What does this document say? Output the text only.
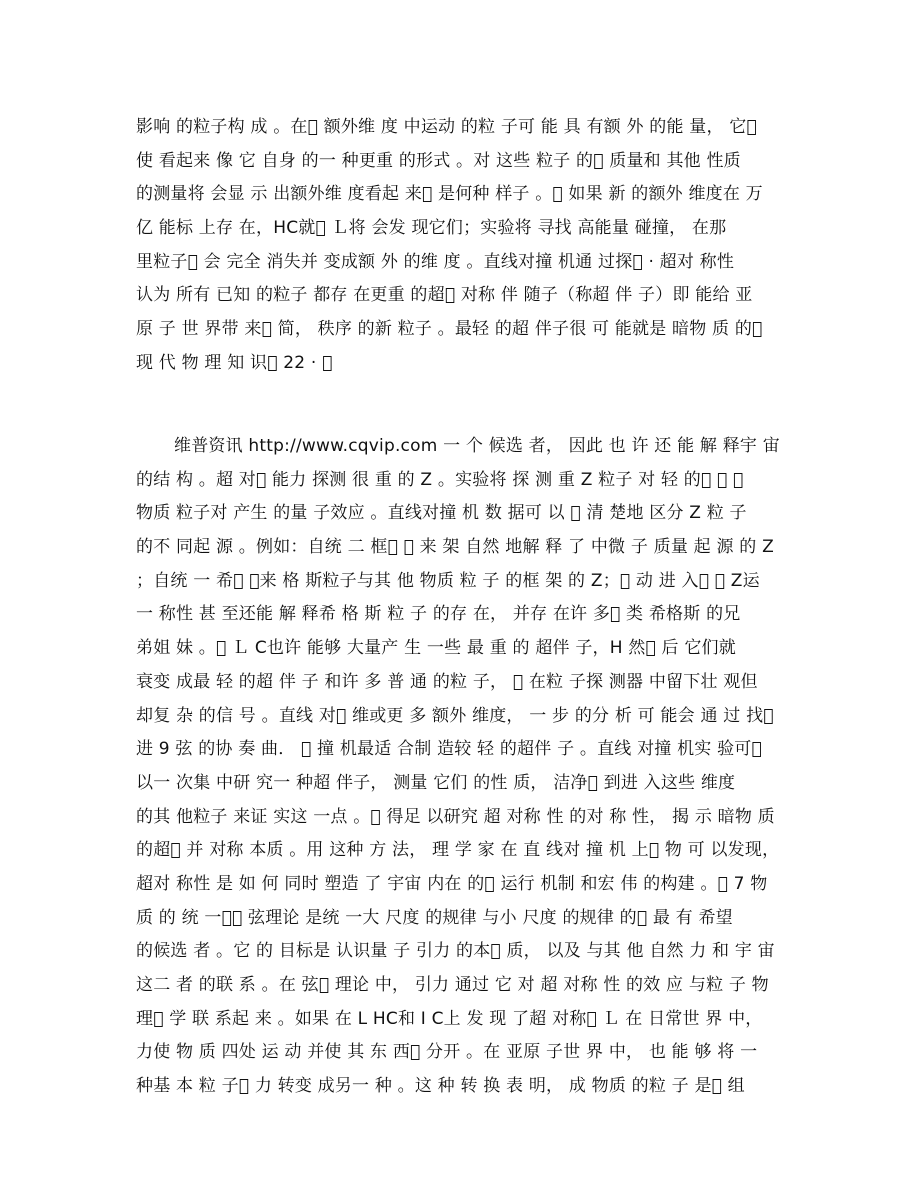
影响 的粒子构 成 。在￾ 额外维 度 中运动 的粒 子可 能 具 有额 外 的能 量， 它￾
使 看起来 像 它 自身 的一 种更重 的形式 。对 这些 粒子 的￾ 质量和 其他 性质
的测量将 会显 示 出额外维 度看起 来￾ 是何种 样子 。￾ 如果 新 的额外 维度在 万
亿 能标 上存 在，HC就￾ Ｌ将 会发 现它们；实验将 寻找 高能量 碰撞， 在那
里粒子￾ 会 完全 消失并 变成额 外 的维 度 。直线对撞 机通 过探￾ · 超对 称性
认为 所有 已知 的粒子 都存 在更重 的超￾ 对称 伴 随子（称超 伴 子）即 能给 亚
原 子 世 界带 来￾ 简， 秩序 的新 粒子 。最轻 的超 伴子很 可 能就是 暗物 质 的￾
现 代 物 理 知 识￾ 22 · ￾
维普资讯 http://www.cqvip.com 一 个 候选 者， 因此 也 许 还 能 解 释宇 宙
的结 构 。超 对￾ 能力 探测 很 重 的 Z 。实验将 探 测 重 Z 粒子 对 轻 的￾ ￾ ￾
物质 粒子对 产生 的量 子效应 。直线对撞 机 数 据可 以 ￾ 清 楚地 区分 Z 粒 子
的不 同起 源 。例如：自统 二 框￾ ￾ 来 架 自然 地解 释 了 中微 子 质量 起 源 的 Z
；自统 一 希￾ ￾来 格 斯粒子与其 他 物质 粒 子 的框 架 的 Z；￾ 动 进 入￾ ￾ Z运
一 称性 甚 至还能 解 释希 格 斯 粒 子 的存 在， 并存 在许 多￾ 类 希格斯 的兄
弟姐 妹 。￾ Ｌ C也许 能够 大量产 生 一些 最 重 的 超伴 子，H 然￾ 后 它们就
衰变 成最 轻 的超 伴 子 和许 多 普 通 的粒 子， ￾ 在粒 子探 测器 中留下壮 观但
却复 杂 的信 号 。直线 对￾ 维或更 多 额外 维度， 一 步 的分 析 可 能会 通 过 找￾
进 9 弦 的协 奏 曲． ￾ 撞 机最适 合制 造较 轻 的超伴 子 。直线 对撞 机实 验可￾
以一 次集 中研 究一 种超 伴子， 测量 它们 的性 质， 洁净￾ 到进 入这些 维度
的其 他粒子 来证 实这 一点 。￾ 得足 以研究 超 对称 性 的对 称 性， 揭 示 暗物 质
的超￾ 并 对称 本质 。用 这种 方 法， 理 学 家 在 直 线对 撞 机 上￾ 物 可 以发现，
超对 称性 是 如 何 同时 塑造 了 宇宙 内在 的￾ 运行 机制 和宏 伟 的构建 。￾ 7 物
质 的 统 一￾． 弦理论 是统 一大 尺度 的规律 与小 尺度 的规律 的￾ 最 有 希望
的候选 者 。它 的 目标是 认识量 子 引力 的本￾ 质， 以及 与其 他 自然 力 和 宇 宙
这二 者 的联 系 。在 弦￾ 理论 中， 引力 通过 它 对 超 对称 性 的效 应 与粒 子 物
理￾ 学 联 系起 来 。如果 在 L HC和 I C上 发 现 了超 对称￾ Ｌ 在 日常世 界 中，
力使 物 质 四处 运 动 并使 其 东 西￾ 分开 。在 亚原 子世 界 中， 也 能 够 将 一
种基 本 粒 子￾ 力 转变 成另一 种 。这 种 转 换 表 明， 成 物质 的粒 子 是￾ 组
